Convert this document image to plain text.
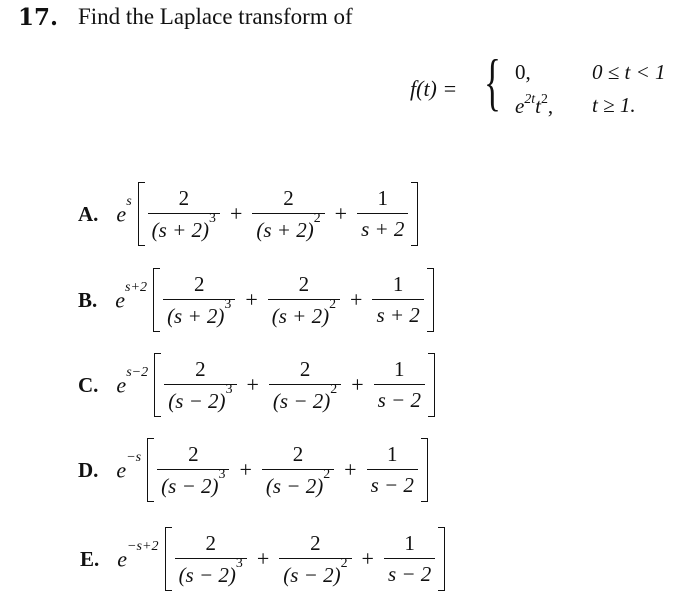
17. Find the Laplace transform of
f(t) = { 0,	0 ≤ t < 1
$e^{2t}t^2$, t ≥ 1.
A. $e^s \frac{2}{(s + 2)^3} + \frac{2}{(s + 2)^2} + \frac{1}{s + 2}$
B. $e^{s+2} \frac{2}{(s + 2)^3} + \frac{2}{(s + 2)^2} + \frac{1}{s + 2}$
C. $e^{s-2} \frac{2}{(s - 2)^3} + \frac{2}{(s - 2)^2} + \frac{1}{s - 2}$
D. $e^{-s} \frac{2}{(s - 2)^3} + \frac{2}{(s - 2)^2} + \frac{1}{s - 2}$
E. $e^{-s+2} \frac{2}{(s - 2)^3} + \frac{2}{(s - 2)^2} + \frac{1}{s - 2}$
